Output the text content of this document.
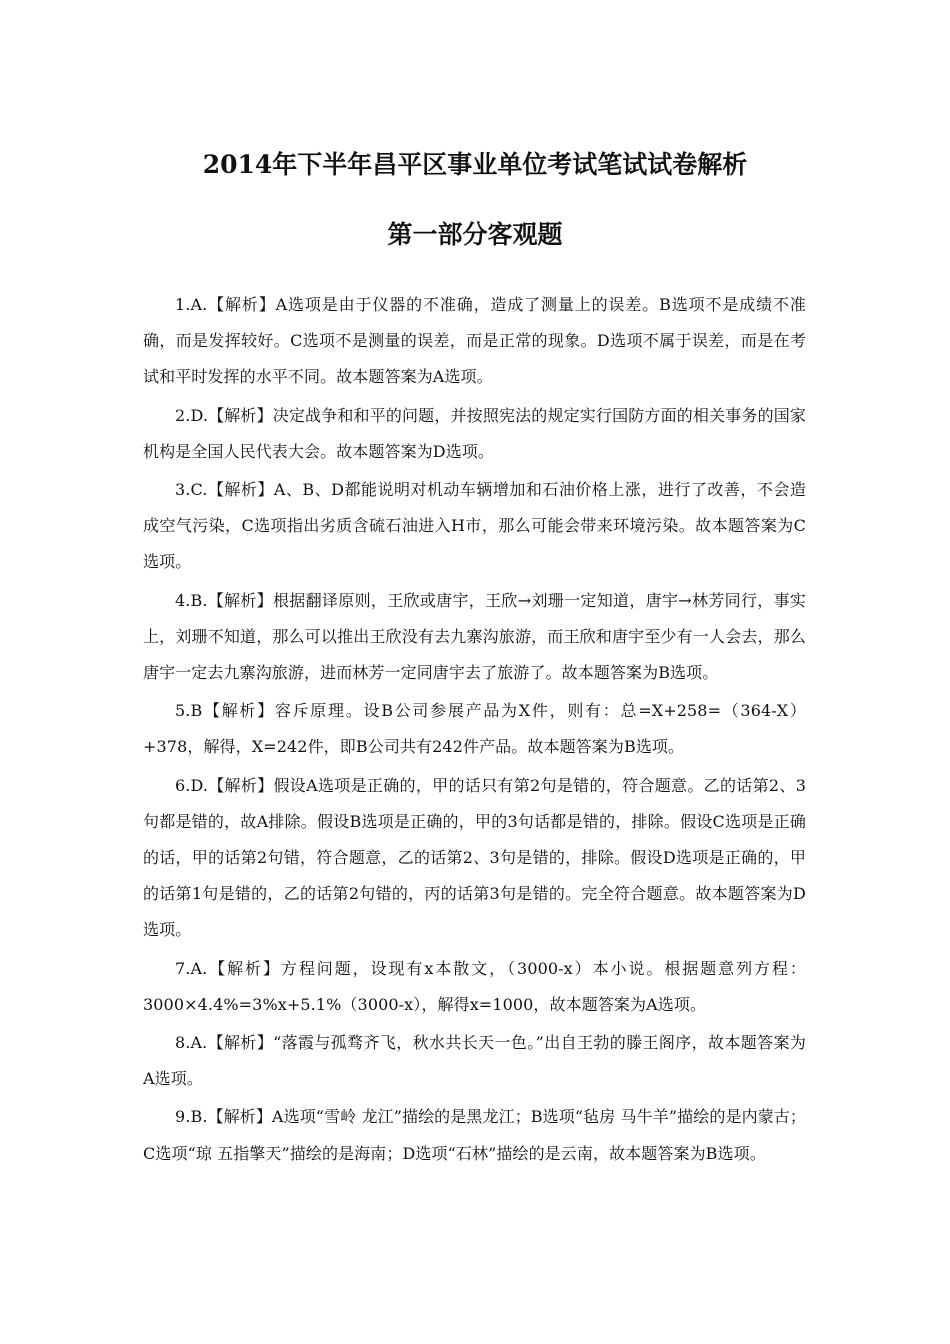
2014年下半年昌平区事业单位考试笔试试卷解析
第一部分客观题

1.A.【解析】A选项是由于仪器的不准确，造成了测量上的误差。B选项不是成绩不准确，而是发挥较好。C选项不是测量的误差，而是正常的现象。D选项不属于误差，而是在考试和平时发挥的水平不同。故本题答案为A选项。

2.D.【解析】决定战争和和平的问题，并按照宪法的规定实行国防方面的相关事务的国家机构是全国人民代表大会。故本题答案为D选项。

3.C.【解析】A、B、D都能说明对机动车辆增加和石油价格上涨，进行了改善，不会造成空气污染，C选项指出劣质含硫石油进入H市，那么可能会带来环境污染。故本题答案为C选项。

4.B.【解析】根据翻译原则，王欣或唐宇，王欣→刘珊一定知道，唐宇→林芳同行，事实上，刘珊不知道，那么可以推出王欣没有去九寨沟旅游，而王欣和唐宇至少有一人会去，那么唐宇一定去九寨沟旅游，进而林芳一定同唐宇去了旅游了。故本题答案为B选项。

5.B【解析】容斥原理。设B公司参展产品为X件，则有：总=X+258=（364-X）+378，解得，X=242件，即B公司共有242件产品。故本题答案为B选项。

6.D.【解析】假设A选项是正确的，甲的话只有第2句是错的，符合题意。乙的话第2、3句都是错的，故A排除。假设B选项是正确的，甲的3句话都是错的，排除。假设C选项是正确的话，甲的话第2句错，符合题意，乙的话第2、3句是错的，排除。假设D选项是正确的，甲的话第1句是错的，乙的话第2句错的，丙的话第3句是错的。完全符合题意。故本题答案为D选项。

7.A.【解析】方程问题，设现有x本散文，（3000-x）本小说。根据题意列方程：3000×4.4%=3%x+5.1%（3000-x），解得x=1000，故本题答案为A选项。

8.A.【解析】“落霞与孤骛齐飞，秋水共长天一色。”出自王勃的滕王阁序，故本题答案为A选项。

9.B.【解析】A选项“雪岭 龙江”描绘的是黑龙江；B选项“毡房 马牛羊”描绘的是内蒙古；C选项“琼 五指擎天”描绘的是海南；D选项“石林”描绘的是云南，故本题答案为B选项。
